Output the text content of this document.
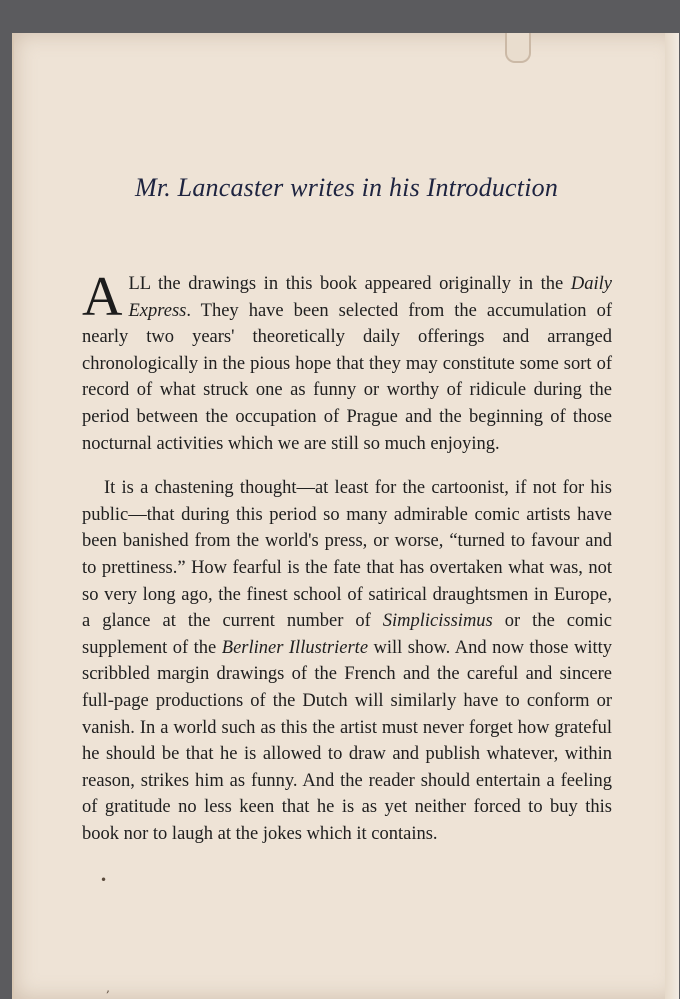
Mr. Lancaster writes in his Introduction

ALL the drawings in this book appeared originally in the Daily Express. They have been selected from the accumulation of nearly two years' theoretically daily offerings and arranged chronologically in the pious hope that they may constitute some sort of record of what struck one as funny or worthy of ridicule during the period between the occupation of Prague and the beginning of those nocturnal activities which we are still so much enjoying.

It is a chastening thought—at least for the cartoonist, if not for his public—that during this period so many admirable comic artists have been banished from the world's press, or worse, “turned to favour and to prettiness.” How fearful is the fate that has overtaken what was, not so very long ago, the finest school of satirical draughtsmen in Europe, a glance at the current number of Simplicissimus or the comic supplement of the Berliner Illustrierte will show. And now those witty scribbled margin drawings of the French and the careful and sincere full-page productions of the Dutch will similarly have to conform or vanish. In a world such as this the artist must never forget how grateful he should be that he is allowed to draw and publish whatever, within reason, strikes him as funny. And the reader should entertain a feeling of gratitude no less keen that he is as yet neither forced to buy this book nor to laugh at the jokes which it contains.

•
‚
